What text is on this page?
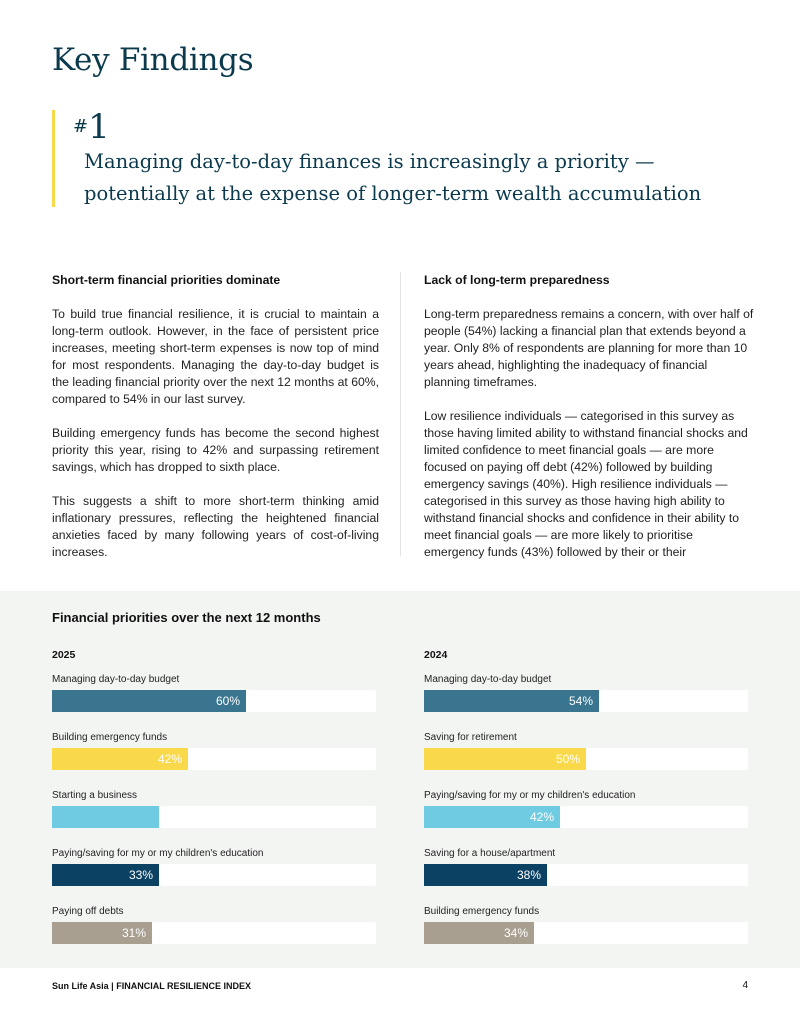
Key Findings
#1
Managing day-to-day finances is increasingly a priority — potentially at the expense of longer-term wealth accumulation
Short-term financial priorities dominate

To build true financial resilience, it is crucial to maintain a long-term outlook. However, in the face of persistent price increases, meeting short-term expenses is now top of mind for most respondents. Managing the day-to-day budget is the leading financial priority over the next 12 months at 60%, compared to 54% in our last survey.

Building emergency funds has become the second highest priority this year, rising to 42% and surpassing retirement savings, which has dropped to sixth place.

This suggests a shift to more short-term thinking amid inflationary pressures, reflecting the heightened financial anxieties faced by many following years of cost-of-living increases.

Lack of long-term preparedness

Long-term preparedness remains a concern, with over half of people (54%) lacking a financial plan that extends beyond a year. Only 8% of respondents are planning for more than 10 years ahead, highlighting the inadequacy of financial planning timeframes.

Low resilience individuals — categorised in this survey as those having limited ability to withstand financial shocks and limited confidence to meet financial goals — are more focused on paying off debt (42%) followed by building emergency savings (40%). High resilience individuals — categorised in this survey as those having high ability to withstand financial shocks and confidence in their ability to meet financial goals — are more likely to prioritise emergency funds (43%) followed by their or their

Financial priorities over the next 12 months
2025
Managing day-to-day budget
60%
Building emergency funds
42%
Starting a business
Paying/saving for my or my children's education
33%
Paying off debts
31%
2024
Managing day-to-day budget
54%
Saving for retirement
50%
Paying/saving for my or my children's education
42%
Saving for a house/apartment
38%
Building emergency funds
34%
Sun Life Asia | FINANCIAL RESILIENCE INDEX	4
